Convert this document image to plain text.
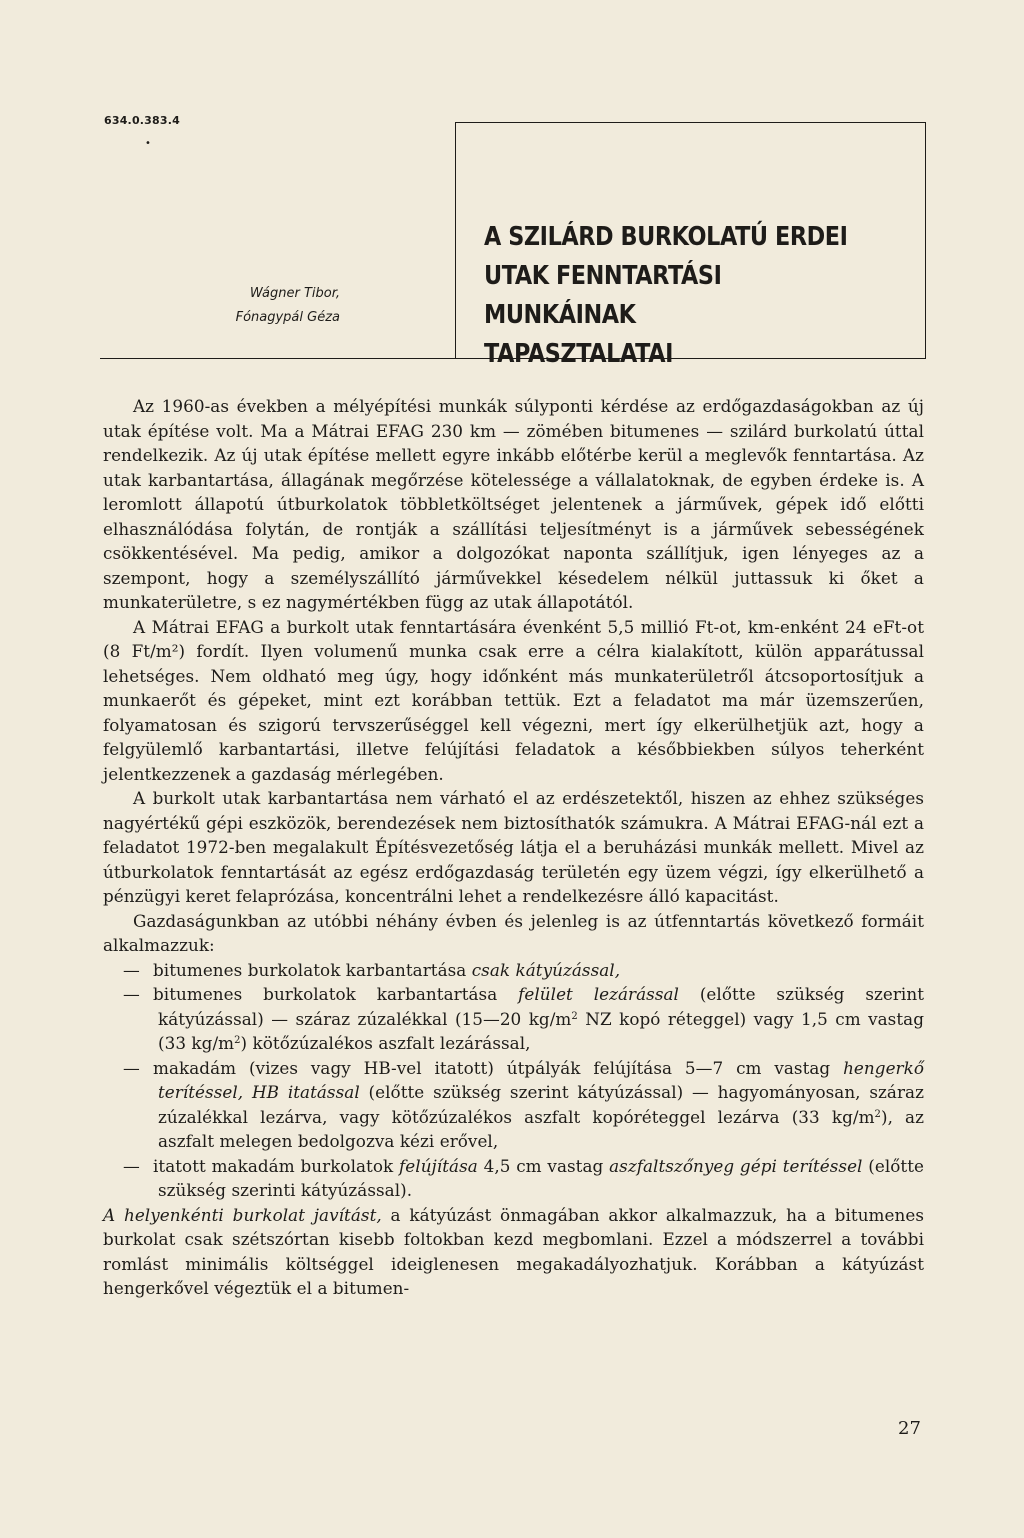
634.0.383.4
•
Wágner Tibor,
Fónagypál Géza
A SZILÁRD BURKOLATÚ ERDEI
UTAK FENNTARTÁSI MUNKÁINAK
TAPASZTALATAI

Az 1960-as években a mélyépítési munkák súlyponti kérdése az erdőgazdaságokban az új utak építése volt. Ma a Mátrai EFAG 230 km — zömében bitumenes — szilárd burkolatú úttal rendelkezik. Az új utak építése mellett egyre inkább előtérbe kerül a meglevők fenntartása. Az utak karbantartása, állagának megőrzése kötelessége a vállalatoknak, de egyben érdeke is. A leromlott állapotú útburkolatok többletköltséget jelentenek a járművek, gépek idő előtti elhasználódása folytán, de rontják a szállítási teljesítményt is a járművek sebességének csökkentésével. Ma pedig, amikor a dolgozókat naponta szállítjuk, igen lényeges az a szempont, hogy a személyszállító járművekkel késedelem nélkül juttassuk ki őket a munkaterületre, s ez nagymértékben függ az utak állapotától.

A Mátrai EFAG a burkolt utak fenntartására évenként 5,5 millió Ft-ot, km-enként 24 eFt-ot (8 Ft/m²) fordít. Ilyen volumenű munka csak erre a célra kialakított, külön apparátussal lehetséges. Nem oldható meg úgy, hogy időnként más munkaterületről átcsoportosítjuk a munkaerőt és gépeket, mint ezt korábban tettük. Ezt a feladatot ma már üzemszerűen, folyamatosan és szigorú tervszerűséggel kell végezni, mert így elkerülhetjük azt, hogy a felgyülemlő karbantartási, illetve felújítási feladatok a későbbiekben súlyos teherként jelentkezzenek a gazdaság mérlegében.

A burkolt utak karbantartása nem várható el az erdészetektől, hiszen az ehhez szükséges nagyértékű gépi eszközök, berendezések nem biztosíthatók számukra. A Mátrai EFAG-nál ezt a feladatot 1972-ben megalakult Építésvezetőség látja el a beruházási munkák mellett. Mivel az útburkolatok fenntartását az egész erdőgazdaság területén egy üzem végzi, így elkerülhető a pénzügyi keret felaprózása, koncentrálni lehet a rendelkezésre álló kapacitást.

Gazdaságunkban az utóbbi néhány évben és jelenleg is az útfenntartás következő formáit alkalmazzuk:

— bitumenes burkolatok karbantartása csak kátyúzással,
— bitumenes burkolatok karbantartása felület lezárással (előtte szükség szerint kátyúzással) — száraz zúzalékkal (15—20 $kg/m^2$ NZ kopó réteggel) vagy 1,5 cm vastag (33 $kg/m^2$) kötőzúzalékos aszfalt lezárással,
— makadám (vizes vagy HB-vel itatott) útpályák felújítása 5—7 cm vastag hengerkő terítéssel, HB itatással (előtte szükség szerint kátyúzással) — hagyományosan, száraz zúzalékkal lezárva, vagy kötőzúzalékos aszfalt kopóréteggel lezárva (33 $kg/m^2$), az aszfalt melegen bedolgozva kézi erővel,
— itatott makadám burkolatok felújítása 4,5 cm vastag aszfaltszőnyeg gépi terítéssel (előtte szükség szerinti kátyúzással).

A helyenkénti burkolat javítást, a kátyúzást önmagában akkor alkalmazzuk, ha a bitumenes burkolat csak szétszórtan kisebb foltokban kezd megbomlani. Ezzel a módszerrel a további romlást minimális költséggel ideiglenesen megakadályozhatjuk. Korábban a kátyúzást hengerkővel végeztük el a bitumen-

27
